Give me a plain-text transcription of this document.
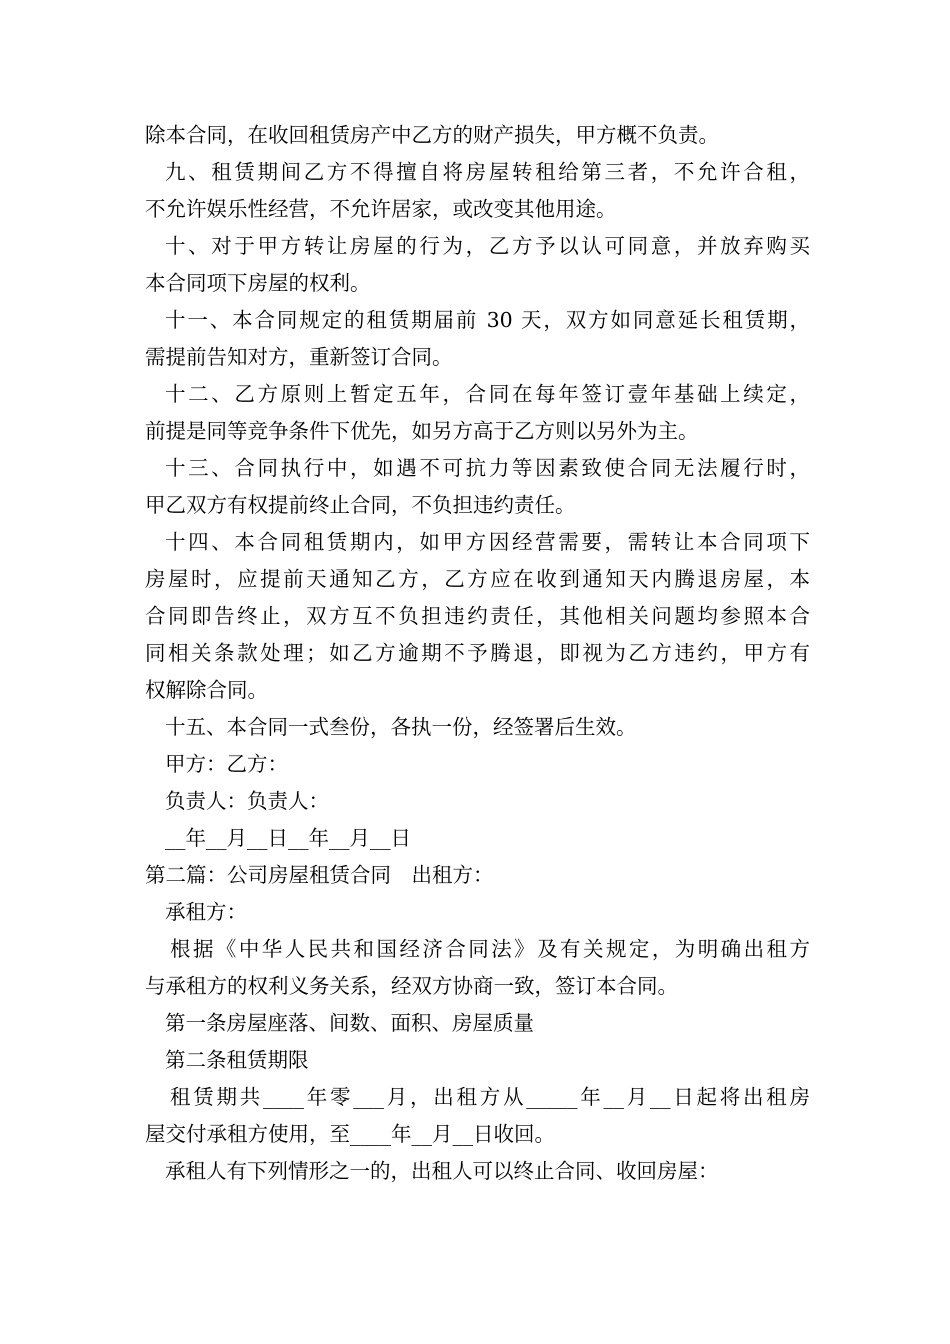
除本合同，在收回租赁房产中乙方的财产损失，甲方概不负责。
九、租赁期间乙方不得擅自将房屋转租给第三者，不允许合租，
不允许娱乐性经营，不允许居家，或改变其他用途。
十、对于甲方转让房屋的行为，乙方予以认可同意，并放弃购买
本合同项下房屋的权利。
十一、本合同规定的租赁期届前 30 天，双方如同意延长租赁期，
需提前告知对方，重新签订合同。
十二、乙方原则上暂定五年，合同在每年签订壹年基础上续定，
前提是同等竞争条件下优先，如另方高于乙方则以另外为主。
十三、合同执行中，如遇不可抗力等因素致使合同无法履行时，
甲乙双方有权提前终止合同，不负担违约责任。
十四、本合同租赁期内，如甲方因经营需要，需转让本合同项下
房屋时，应提前天通知乙方，乙方应在收到通知天内腾退房屋，本
合同即告终止，双方互不负担违约责任，其他相关问题均参照本合
同相关条款处理；如乙方逾期不予腾退，即视为乙方违约，甲方有
权解除合同。
十五、本合同一式叁份，各执一份，经签署后生效。
甲方：乙方：
负责人：负责人：
__年__月__日__年__月__日
第二篇：公司房屋租赁合同　出租方：
承租方：
根据《中华人民共和国经济合同法》及有关规定，为明确出租方
与承租方的权利义务关系，经双方协商一致，签订本合同。
第一条房屋座落、间数、面积、房屋质量
第二条租赁期限
租赁期共____年零___月，出租方从_____年__月__日起将出租房
屋交付承租方使用，至____年__月__日收回。
承租人有下列情形之一的，出租人可以终止合同、收回房屋：
